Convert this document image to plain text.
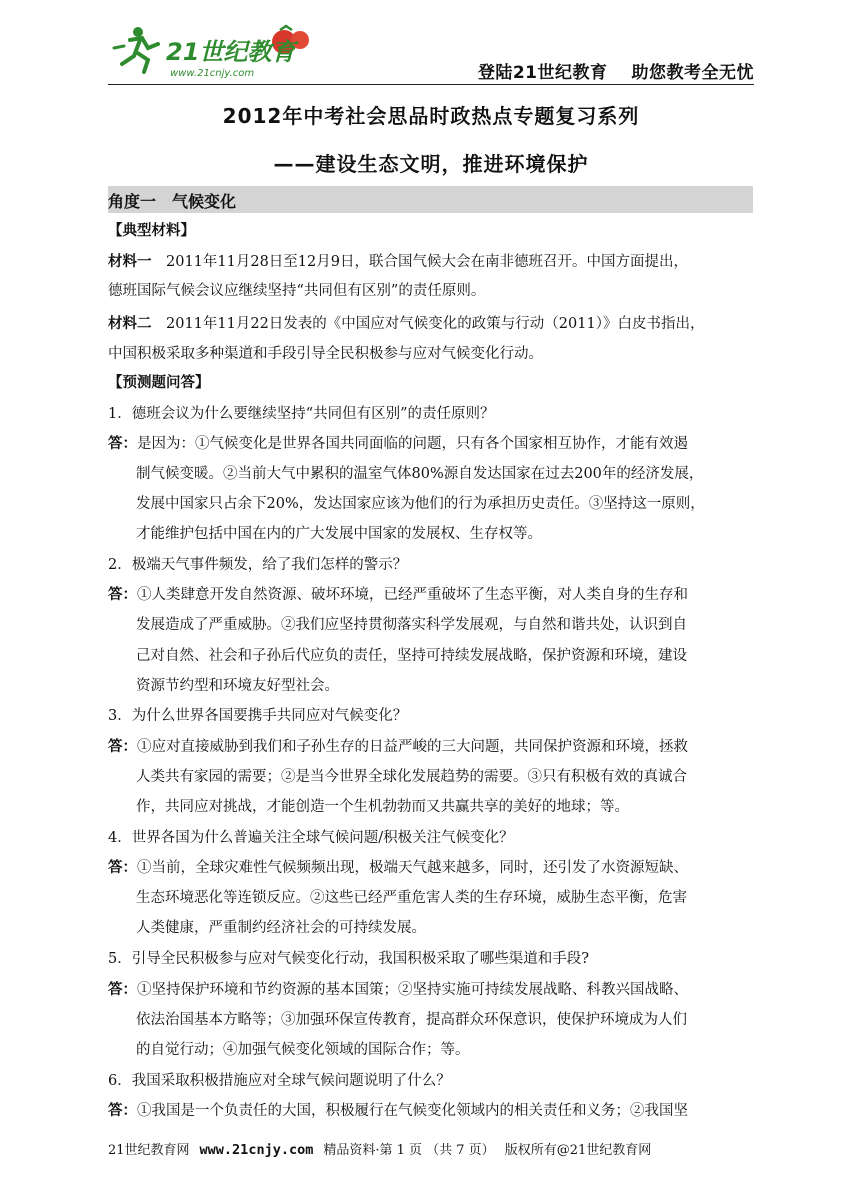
21世纪教育
www.21cnjy.com	登陆21世纪教育 助您教考全无忧
2012年中考社会思品时政热点专题复习系列
——建设生态文明，推进环境保护
角度一　气候变化
【典型材料】
材料一　2011年11月28日至12月9日，联合国气候大会在南非德班召开。中国方面提出，
德班国际气候会议应继续坚持“共同但有区别”的责任原则。
材料二　2011年11月22日发表的《中国应对气候变化的政策与行动（2011）》白皮书指出，
中国积极采取多种渠道和手段引导全民积极参与应对气候变化行动。
【预测题问答】
1．德班会议为什么要继续坚持“共同但有区别”的责任原则？
答：是因为：①气候变化是世界各国共同面临的问题，只有各个国家相互协作，才能有效遏
制气候变暖。②当前大气中累积的温室气体80%源自发达国家在过去200年的经济发展，
发展中国家只占余下20%，发达国家应该为他们的行为承担历史责任。③坚持这一原则，
才能维护包括中国在内的广大发展中国家的发展权、生存权等。
2．极端天气事件频发，给了我们怎样的警示？
答：①人类肆意开发自然资源、破坏环境，已经严重破坏了生态平衡，对人类自身的生存和
发展造成了严重威胁。②我们应坚持贯彻落实科学发展观，与自然和谐共处，认识到自
己对自然、社会和子孙后代应负的责任，坚持可持续发展战略，保护资源和环境，建设
资源节约型和环境友好型社会。
3．为什么世界各国要携手共同应对气候变化？
答：①应对直接威胁到我们和子孙生存的日益严峻的三大问题，共同保护资源和环境，拯救
人类共有家园的需要；②是当今世界全球化发展趋势的需要。③只有积极有效的真诚合
作，共同应对挑战，才能创造一个生机勃勃而又共赢共享的美好的地球；等。
4．世界各国为什么普遍关注全球气候问题/积极关注气候变化？
答：①当前，全球灾难性气候频频出现，极端天气越来越多，同时，还引发了水资源短缺、
生态环境恶化等连锁反应。②这些已经严重危害人类的生存环境，威胁生态平衡，危害
人类健康，严重制约经济社会的可持续发展。
5．引导全民积极参与应对气候变化行动，我国积极采取了哪些渠道和手段?
答：①坚持保护环境和节约资源的基本国策；②坚持实施可持续发展战略、科教兴国战略、
依法治国基本方略等；③加强环保宣传教育，提高群众环保意识，使保护环境成为人们
的自觉行动；④加强气候变化领域的国际合作；等。
6．我国采取积极措施应对全球气候问题说明了什么？
答：①我国是一个负责任的大国，积极履行在气候变化领域内的相关责任和义务；②我国坚
21世纪教育网 www.21cnjy.com 精品资料·第 1 页 （共 7 页） 版权所有@21世纪教育网
